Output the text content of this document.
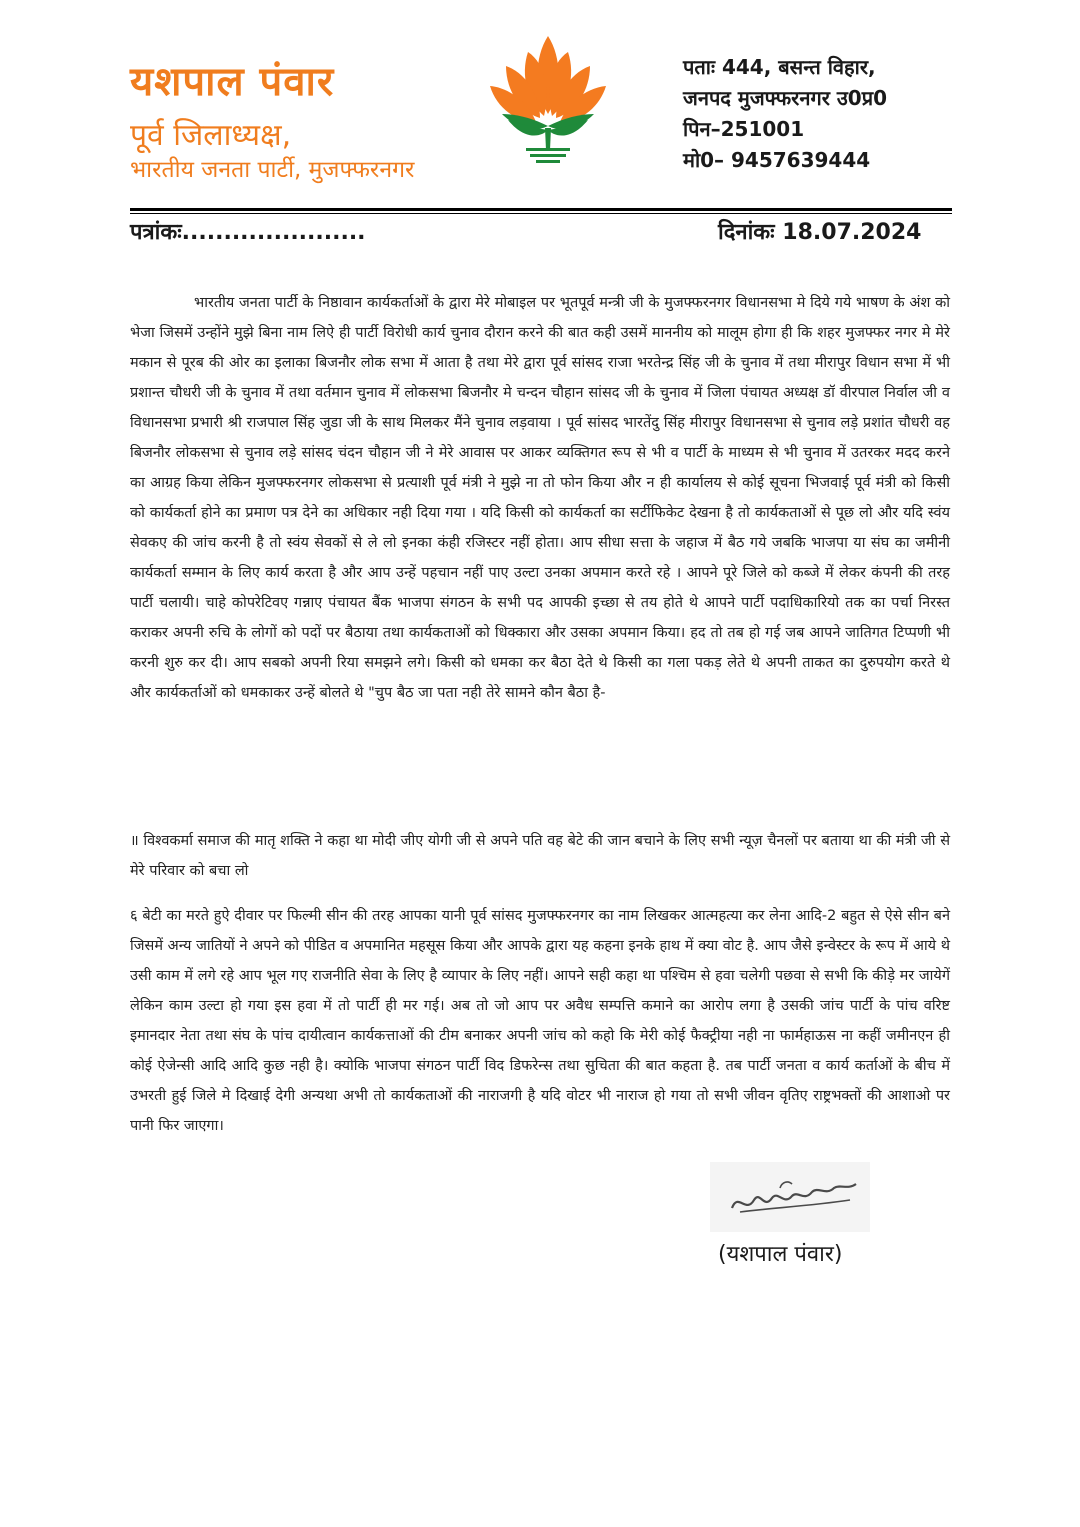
यशपाल पंवार
पूर्व जिलाध्यक्ष,
भारतीय जनता पार्टी, मुजफ्फरनगर
पताः 444, बसन्त विहार,
जनपद मुजफ्फरनगर उ0प्र0
पिन–251001
मो0– 9457639444
पत्रांकः......................	दिनांकः 18.07.2024
भारतीय जनता पार्टी के निष्ठावान कार्यकर्ताओं के द्वारा मेरे मोबाइल पर भूतपूर्व मन्त्री जी के मुजफ्फरनगर विधानसभा मे दिये गये भाषण के अंश को भेजा जिसमें उन्होंने मुझे बिना नाम लिऐ ही पार्टी विरोधी कार्य चुनाव दौरान करने की बात कही उसमें माननीय को मालूम होगा ही कि शहर मुजफ्फर नगर मे मेरे मकान से पूरब की ओर का इलाका बिजनौर लोक सभा में आता है तथा मेरे द्वारा पूर्व सांसद राजा भरतेन्द्र सिंह जी के चुनाव में तथा मीरापुर विधान सभा में भी प्रशान्त चौधरी जी के चुनाव में तथा वर्तमान चुनाव में लोकसभा बिजनौर मे चन्दन चौहान सांसद जी के चुनाव में जिला पंचायत अध्यक्ष डॉ वीरपाल निर्वाल जी व विधानसभा प्रभारी श्री राजपाल सिंह जुडा जी के साथ मिलकर मैंने चुनाव लड़वाया । पूर्व सांसद भारतेंदु सिंह मीरापुर विधानसभा से चुनाव लड़े प्रशांत चौधरी वह बिजनौर लोकसभा से चुनाव लड़े सांसद चंदन चौहान जी ने मेरे आवास पर आकर व्यक्तिगत रूप से भी व पार्टी के माध्यम से भी चुनाव में उतरकर मदद करने का आग्रह किया लेकिन मुजफ्फरनगर लोकसभा से प्रत्याशी पूर्व मंत्री ने मुझे ना तो फोन किया और न ही कार्यालय से कोई सूचना भिजवाई पूर्व मंत्री को किसी को कार्यकर्ता होने का प्रमाण पत्र देने का अधिकार नही दिया गया । यदि किसी को कार्यकर्ता का सर्टीफिकेट देखना है तो कार्यकताओं से पूछ लो और यदि स्वंय सेवकए की जांच करनी है तो स्वंय सेवकों से ले लो इनका कंही रजिस्टर नहीं होता। आप सीधा सत्ता के जहाज में बैठ गये जबकि भाजपा या संघ का जमीनी कार्यकर्ता सम्मान के लिए कार्य करता है और आप उन्हें पहचान नहीं पाए उल्टा उनका अपमान करते रहे । आपने पूरे जिले को कब्जे में लेकर कंपनी की तरह पार्टी चलायी। चाहे कोपरेटिवए गन्नाए पंचायत बैंक भाजपा संगठन के सभी पद आपकी इच्छा से तय होते थे आपने पार्टी पदाधिकारियो तक का पर्चा निरस्त कराकर अपनी रुचि के लोगों को पदों पर बैठाया तथा कार्यकताओं को धिक्कारा और उसका अपमान किया। हद तो तब हो गई जब आपने जातिगत टिप्पणी भी करनी शुरु कर दी। आप सबको अपनी रिया समझने लगे। किसी को धमका कर बैठा देते थे किसी का गला पकड़ लेते थे अपनी ताकत का दुरुपयोग करते थे और कार्यकर्ताओं को धमकाकर उन्हें बोलते थे "चुप बैठ जा पता नही तेरे सामने कौन बैठा है-
॥ विश्वकर्मा समाज की मातृ शक्ति ने कहा था मोदी जीए योगी जी से अपने पति वह बेटे की जान बचाने के लिए सभी न्यूज़ चैनलों पर बताया था की मंत्री जी से मेरे परिवार को बचा लो
६ बेटी का मरते हुऐ दीवार पर फिल्मी सीन की तरह आपका यानी पूर्व सांसद मुजफ्फरनगर का नाम लिखकर आत्महत्या कर लेना आदि-2 बहुत से ऐसे सीन बने जिसमें अन्य जातियों ने अपने को पीडित व अपमानित महसूस किया और आपके द्वारा यह कहना इनके हाथ में क्या वोट है. आप जैसे इन्वेस्टर के रूप में आये थे उसी काम में लगे रहे आप भूल गए राजनीति सेवा के लिए है व्यापार के लिए नहीं। आपने सही कहा था पश्चिम से हवा चलेगी पछवा से सभी कि कीड़े मर जायेगें लेकिन काम उल्टा हो गया इस हवा में तो पार्टी ही मर गई। अब तो जो आप पर अवैध सम्पत्ति कमाने का आरोप लगा है उसकी जांच पार्टी के पांच वरिष्ट इमानदार नेता तथा संघ के पांच दायीत्वान कार्यकत्ताओं की टीम बनाकर अपनी जांच को कहो कि मेरी कोई फैक्ट्रीया नही ना फार्महाऊस ना कहीं जमीनएन ही कोई ऐजेन्सी आदि आदि कुछ नही है। क्योकि भाजपा संगठन पार्टी विद डिफरेन्स तथा सुचिता की बात कहता है. तब पार्टी जनता व कार्य कर्ताओं के बीच में उभरती हुई जिले मे दिखाई देगी अन्यथा अभी तो कार्यकताओं की नाराजगी है यदि वोटर भी नाराज हो गया तो सभी जीवन वृतिए राष्ट्रभक्तों की आशाओ पर पानी फिर जाएगा।
(यशपाल पंवार)
